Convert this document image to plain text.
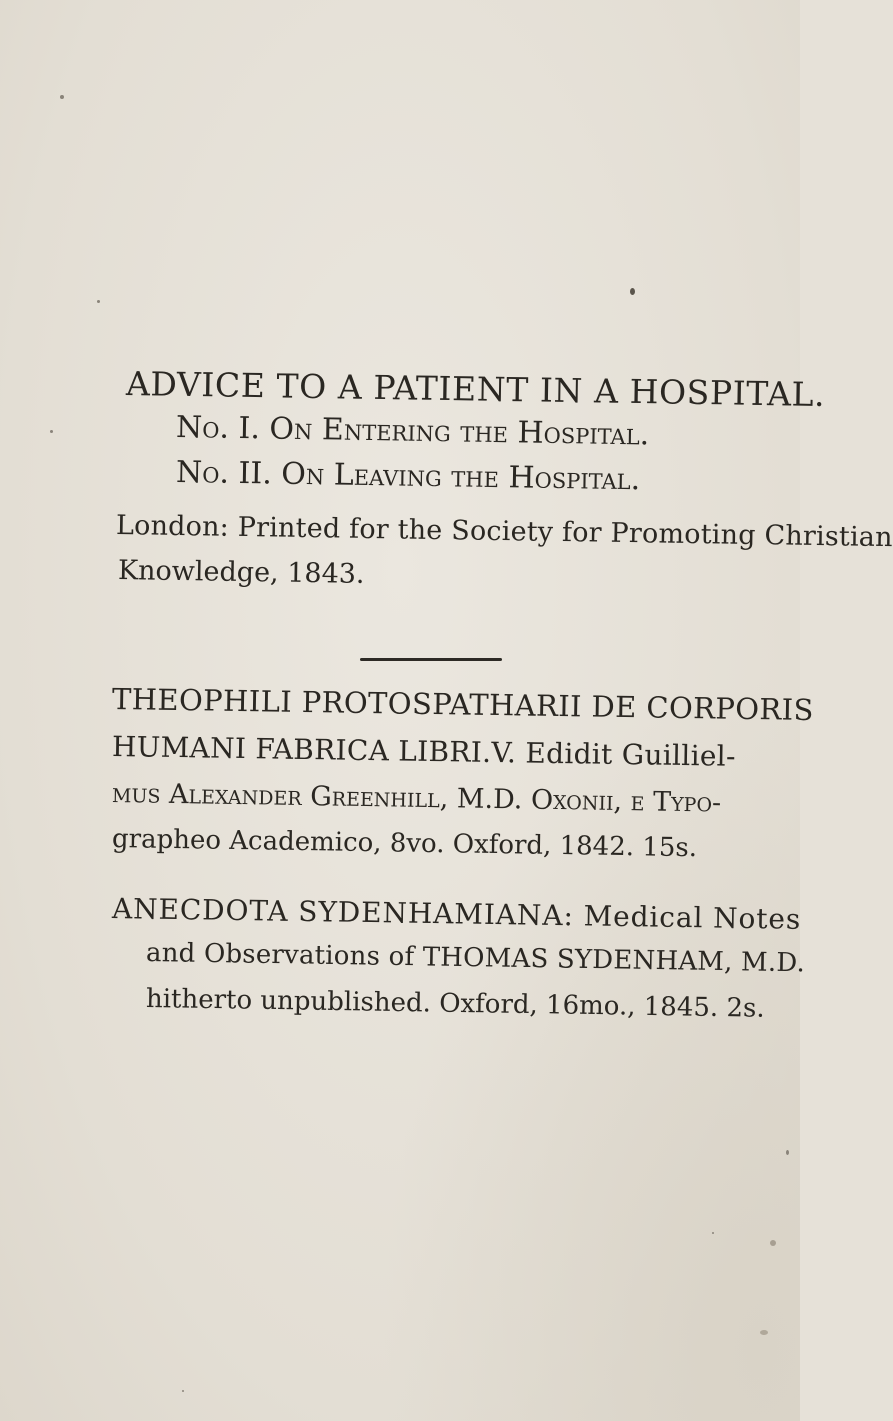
ADVICE TO A PATIENT IN A HOSPITAL.
No. I. On Entering the Hospital.
No. II. On Leaving the Hospital.
London: Printed for the Society for Promoting Christian
Knowledge, 1843.
THEOPHILI PROTOSPATHARII DE CORPORIS
HUMANI FABRICA LIBRI.V. Edidit Guilliel-
mus Alexander Greenhill, M.D. Oxonii, e Typo-
grapheo Academico, 8vo. Oxford, 1842. 15s.
ANECDOTA SYDENHAMIANA: Medical Notes
and Observations of THOMAS SYDENHAM, M.D.
hitherto unpublished. Oxford, 16mo., 1845. 2s.
